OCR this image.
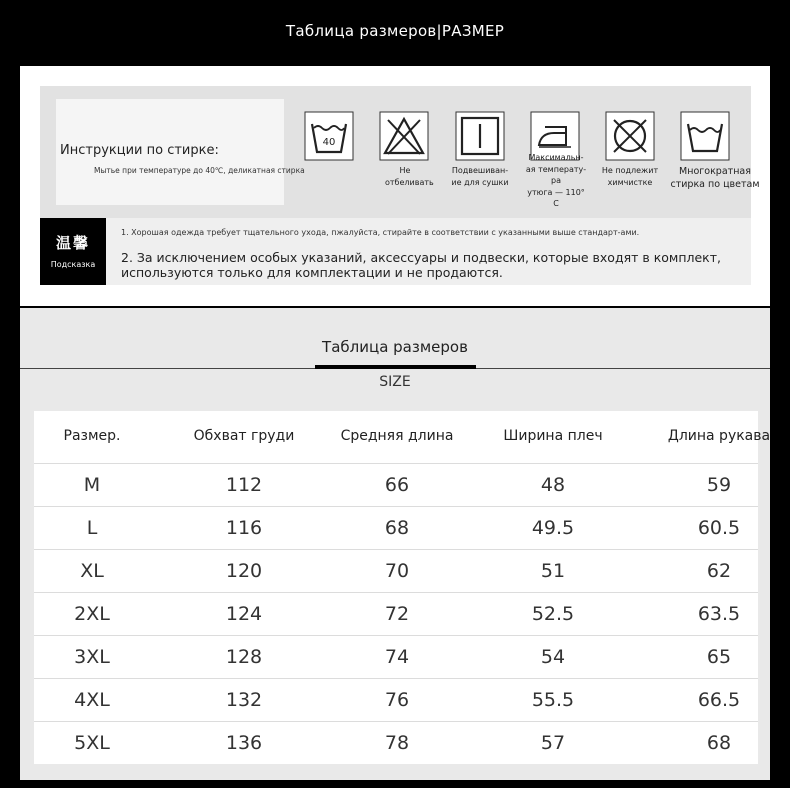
Таблица размеров|РАЗМЕР
Инструкции по стирке:
Мытье при температуре до 40℃, деликатная стирка
40
Не
отбеливать
Подвешиван-
ие для сушки
Максимальн-
ая температу-
ра
утюга — 110°
C
Не подлежит
химчистке
Многократная
стирка по цветам
温馨
Подсказка
1. Хорошая одежда требует тщательного ухода, пжалуйста, стирайте в соответствии с указанными выше стандарт-ами.
2. За исключением особых указаний, аксессуары и подвески, которые входят в комплект, используются только для комплектации и не продаются.
Таблица размеров
SIZE
Размер.	Обхват груди	Средняя длина	Ширина плеч	Длина рукава
M	112	66	48	59
L	116	68	49.5	60.5
XL	120	70	51	62
2XL	124	72	52.5	63.5
3XL	128	74	54	65
4XL	132	76	55.5	66.5
5XL	136	78	57	68
